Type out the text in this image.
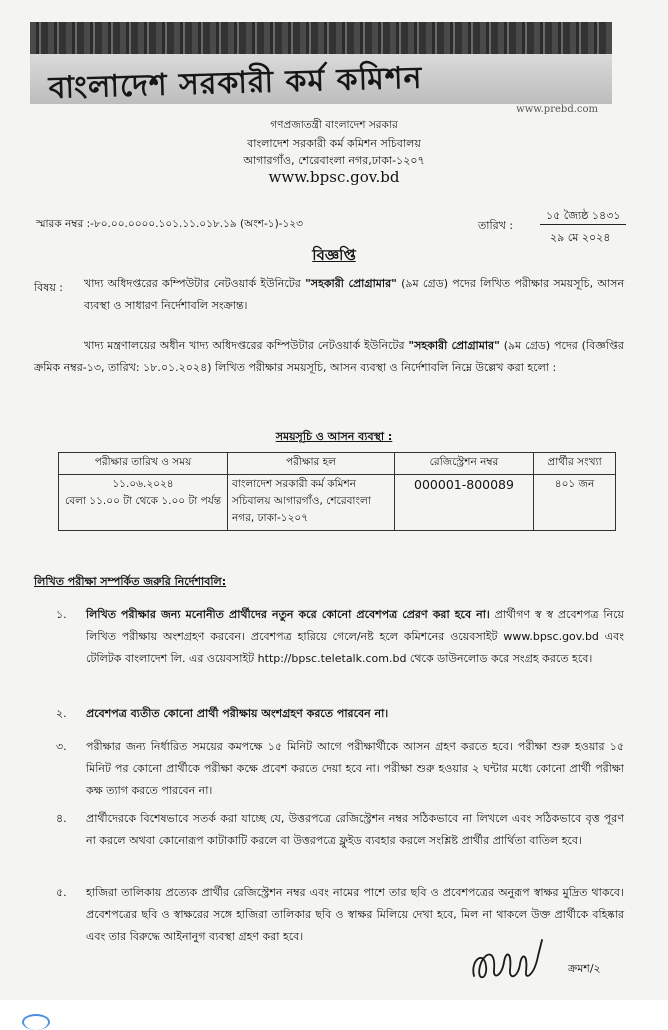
বাংলাদেশ সরকারী কর্ম কমিশন
www.prebd.com
গণপ্রজাতন্ত্রী বাংলাদেশ সরকার
বাংলাদেশ সরকারী কর্ম কমিশন সচিবালয়
আগারগাঁও, শেরেবাংলা নগর,ঢাকা-১২০৭
www.bpsc.gov.bd
স্মারক নম্বর :-৮০.০০.০০০০.১০১.১১.০১৮.১৯ (অংশ-১)-১২৩	তারিখ :
১৫ জ্যৈষ্ঠ ১৪৩১
২৯ মে ২০২৪
বিজ্ঞপ্তি
বিষয় : খাদ্য অধিদপ্তরের কম্পিউটার নেটওয়ার্ক ইউনিটের "সহকারী প্রোগ্রামার" (৯ম গ্রেড) পদের লিখিত পরীক্ষার সময়সূচি, আসন ব্যবস্থা ও সাধারণ নির্দেশাবলি সংক্রান্ত।
খাদ্য মন্ত্রণালয়ের অধীন খাদ্য অধিদপ্তরের কম্পিউটার নেটওয়ার্ক ইউনিটের "সহকারী প্রোগ্রামার" (৯ম গ্রেড) পদের (বিজ্ঞপ্তির ক্রমিক নম্বর-১৩, তারিখ: ১৮.০১.২০২৪) লিখিত পরীক্ষার সময়সূচি, আসন ব্যবস্থা ও নির্দেশাবলি নিম্নে উল্লেখ করা হলো :
সময়সূচি ও আসন ব্যবস্থা :
পরীক্ষার তারিখ ও সময়	পরীক্ষার হল	রেজিস্ট্রেশন নম্বর	প্রার্থীর সংখ্যা

১১.০৬.২০২৪
বেলা ১১.০০ টা থেকে ১.০০ টা পর্যন্ত	বাংলাদেশ সরকারী কর্ম কমিশন সচিবালয় আগারগাঁও, শেরেবাংলা নগর, ঢাকা-১২০৭	000001-800089	৪০১ জন
লিখিত পরীক্ষা সম্পর্কিত জরুরি নির্দেশাবলি:
১.	লিখিত পরীক্ষার জন্য মনোনীত প্রার্থীদের নতুন করে কোনো প্রবেশপত্র প্রেরণ করা হবে না। প্রার্থীগণ স্ব স্ব প্রবেশপত্র নিয়ে লিখিত পরীক্ষায় অংশগ্রহণ করবেন। প্রবেশপত্র হারিয়ে গেলে/নষ্ট হলে কমিশনের ওয়েবসাইট www.bpsc.gov.bd এবং টেলিটক বাংলাদেশ লি. এর ওয়েবসাইট http://bpsc.teletalk.com.bd থেকে ডাউনলোড করে সংগ্রহ করতে হবে।
২.	প্রবেশপত্র ব্যতীত কোনো প্রার্থী পরীক্ষায় অংশগ্রহণ করতে পারবেন না।
৩.	পরীক্ষার জন্য নির্ধারিত সময়ের কমপক্ষে ১৫ মিনিট আগে পরীক্ষার্থীকে আসন গ্রহণ করতে হবে। পরীক্ষা শুরু হওয়ার ১৫ মিনিট পর কোনো প্রার্থীকে পরীক্ষা কক্ষে প্রবেশ করতে দেয়া হবে না। পরীক্ষা শুরু হওয়ার ২ ঘন্টার মধ্যে কোনো প্রার্থী পরীক্ষা কক্ষ ত্যাগ করতে পারবেন না।
৪.	প্রার্থীদেরকে বিশেষভাবে সতর্ক করা যাচ্ছে যে, উত্তরপত্রে রেজিস্ট্রেশন নম্বর সঠিকভাবে না লিখলে এবং সঠিকভাবে বৃত্ত পূরণ না করলে অথবা কোনোরূপ কাটাকাটি করলে বা উত্তরপত্রে ফ্লুইড ব্যবহার করলে সংশ্লিষ্ট প্রার্থীর প্রার্থিতা বাতিল হবে।
৫.	হাজিরা তালিকায় প্রত্যেক প্রার্থীর রেজিস্ট্রেশন নম্বর এবং নামের পাশে তার ছবি ও প্রবেশপত্রের অনুরূপ স্বাক্ষর মুদ্রিত থাকবে। প্রবেশপত্রের ছবি ও স্বাক্ষরের সঙ্গে হাজিরা তালিকার ছবি ও স্বাক্ষর মিলিয়ে দেখা হবে, মিল না থাকলে উক্ত প্রার্থীকে বহিষ্কার এবং তার বিরুদ্ধে আইনানুগ ব্যবস্থা গ্রহণ করা হবে।
ক্রমশ/২
